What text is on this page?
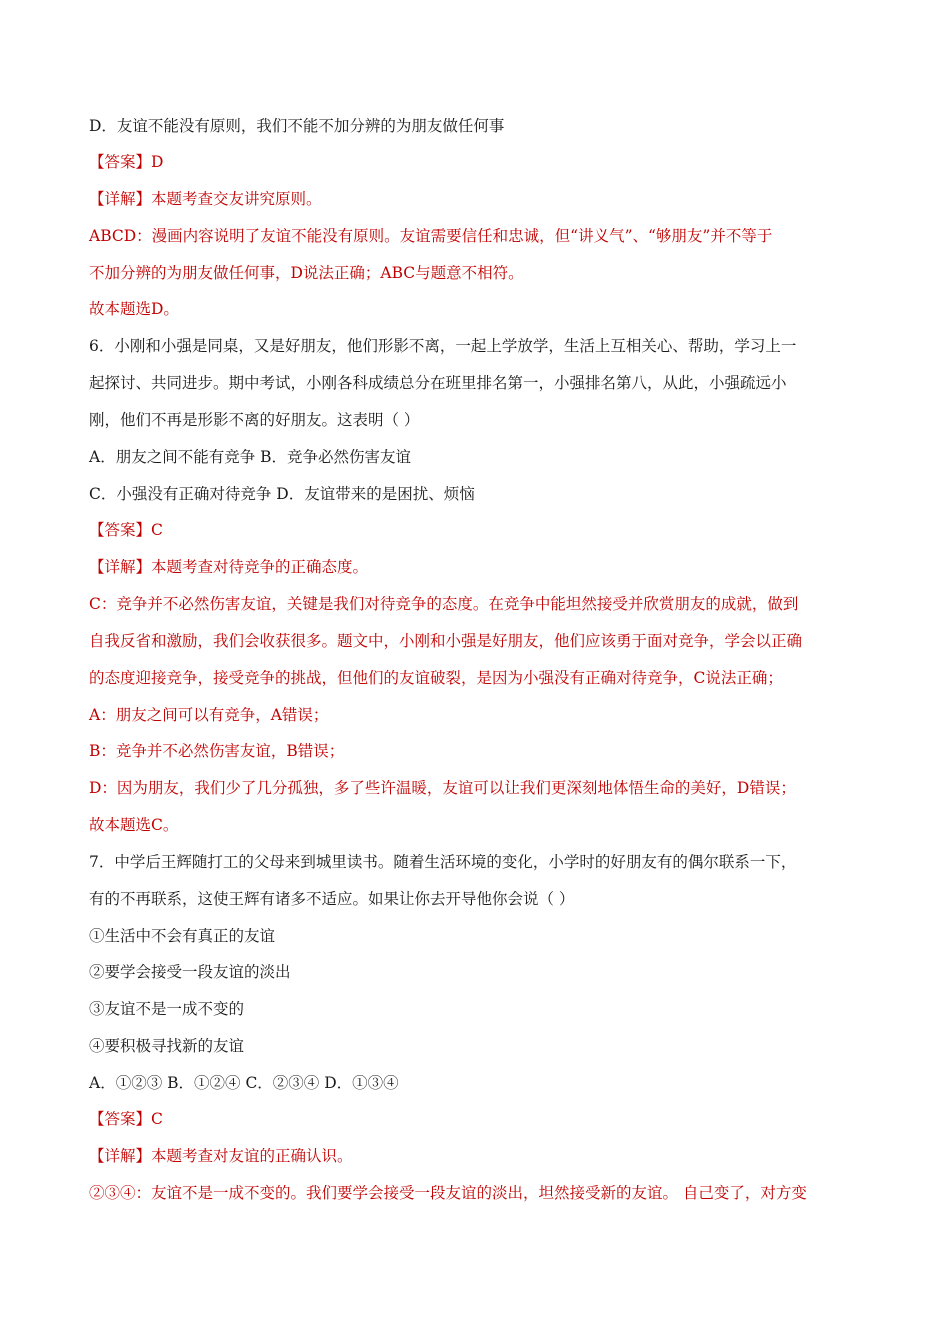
D．友谊不能没有原则，我们不能不加分辨的为朋友做任何事
【答案】D
【详解】本题考查交友讲究原则。
ABCD：漫画内容说明了友谊不能没有原则。友谊需要信任和忠诚，但“讲义气”、“够朋友”并不等于
不加分辨的为朋友做任何事，D说法正确；ABC与题意不相符。
故本题选D。
6．小刚和小强是同桌，又是好朋友，他们形影不离，一起上学放学，生活上互相关心、帮助，学习上一
起探讨、共同进步。期中考试，小刚各科成绩总分在班里排名第一，小强排名第八，从此，小强疏远小
刚，他们不再是形影不离的好朋友。这表明（ ）
A．朋友之间不能有竞争 B．竞争必然伤害友谊
C．小强没有正确对待竞争 D．友谊带来的是困扰、烦恼
【答案】C
【详解】本题考查对待竞争的正确态度。
C：竞争并不必然伤害友谊，关键是我们对待竞争的态度。在竞争中能坦然接受并欣赏朋友的成就，做到
自我反省和激励，我们会收获很多。题文中，小刚和小强是好朋友，他们应该勇于面对竞争，学会以正确
的态度迎接竞争，接受竞争的挑战，但他们的友谊破裂，是因为小强没有正确对待竞争，C说法正确；
A：朋友之间可以有竞争，A错误；
B：竞争并不必然伤害友谊，B错误；
D：因为朋友，我们少了几分孤独，多了些许温暖，友谊可以让我们更深刻地体悟生命的美好，D错误；
故本题选C。
7．中学后王辉随打工的父母来到城里读书。随着生活环境的变化，小学时的好朋友有的偶尔联系一下，
有的不再联系，这使王辉有诸多不适应。如果让你去开导他你会说（ ）
①生活中不会有真正的友谊
②要学会接受一段友谊的淡出
③友谊不是一成不变的
④要积极寻找新的友谊
A．①②③ B．①②④ C．②③④ D．①③④
【答案】C
【详解】本题考查对友谊的正确认识。
②③④：友谊不是一成不变的。我们要学会接受一段友谊的淡出，坦然接受新的友谊。 自己变了，对方变
